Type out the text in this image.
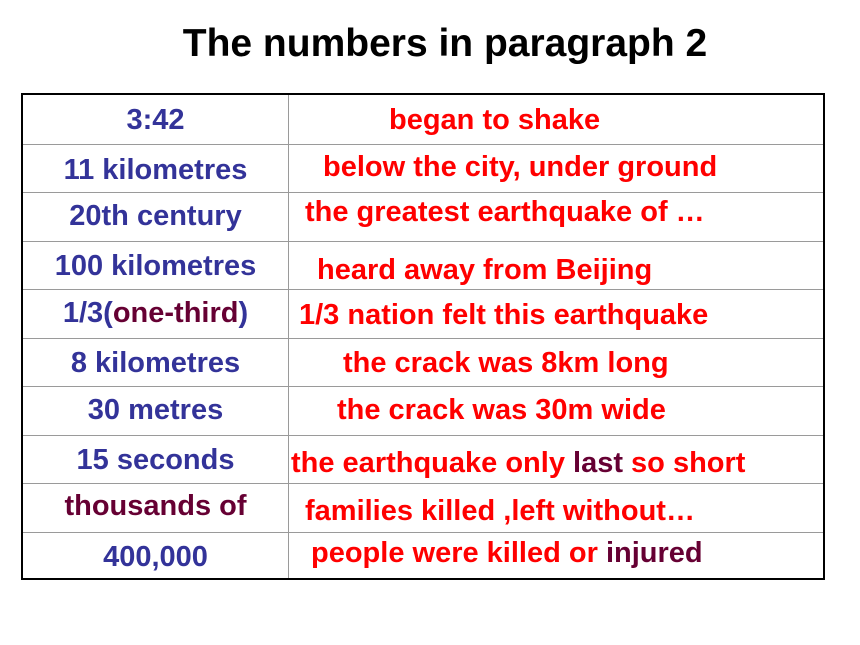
The numbers in paragraph 2
3:42	began to shake
11 kilometres	below the city, under ground
20th century	the greatest earthquake of …
100 kilometres	heard away from Beijing
1/3(one-third)	1/3 nation felt this earthquake
8 kilometres	the crack was 8km long
30 metres	the crack was 30m wide
15 seconds	the earthquake only last so short
thousands of	families killed ,left without…
400,000	people were killed or injured
